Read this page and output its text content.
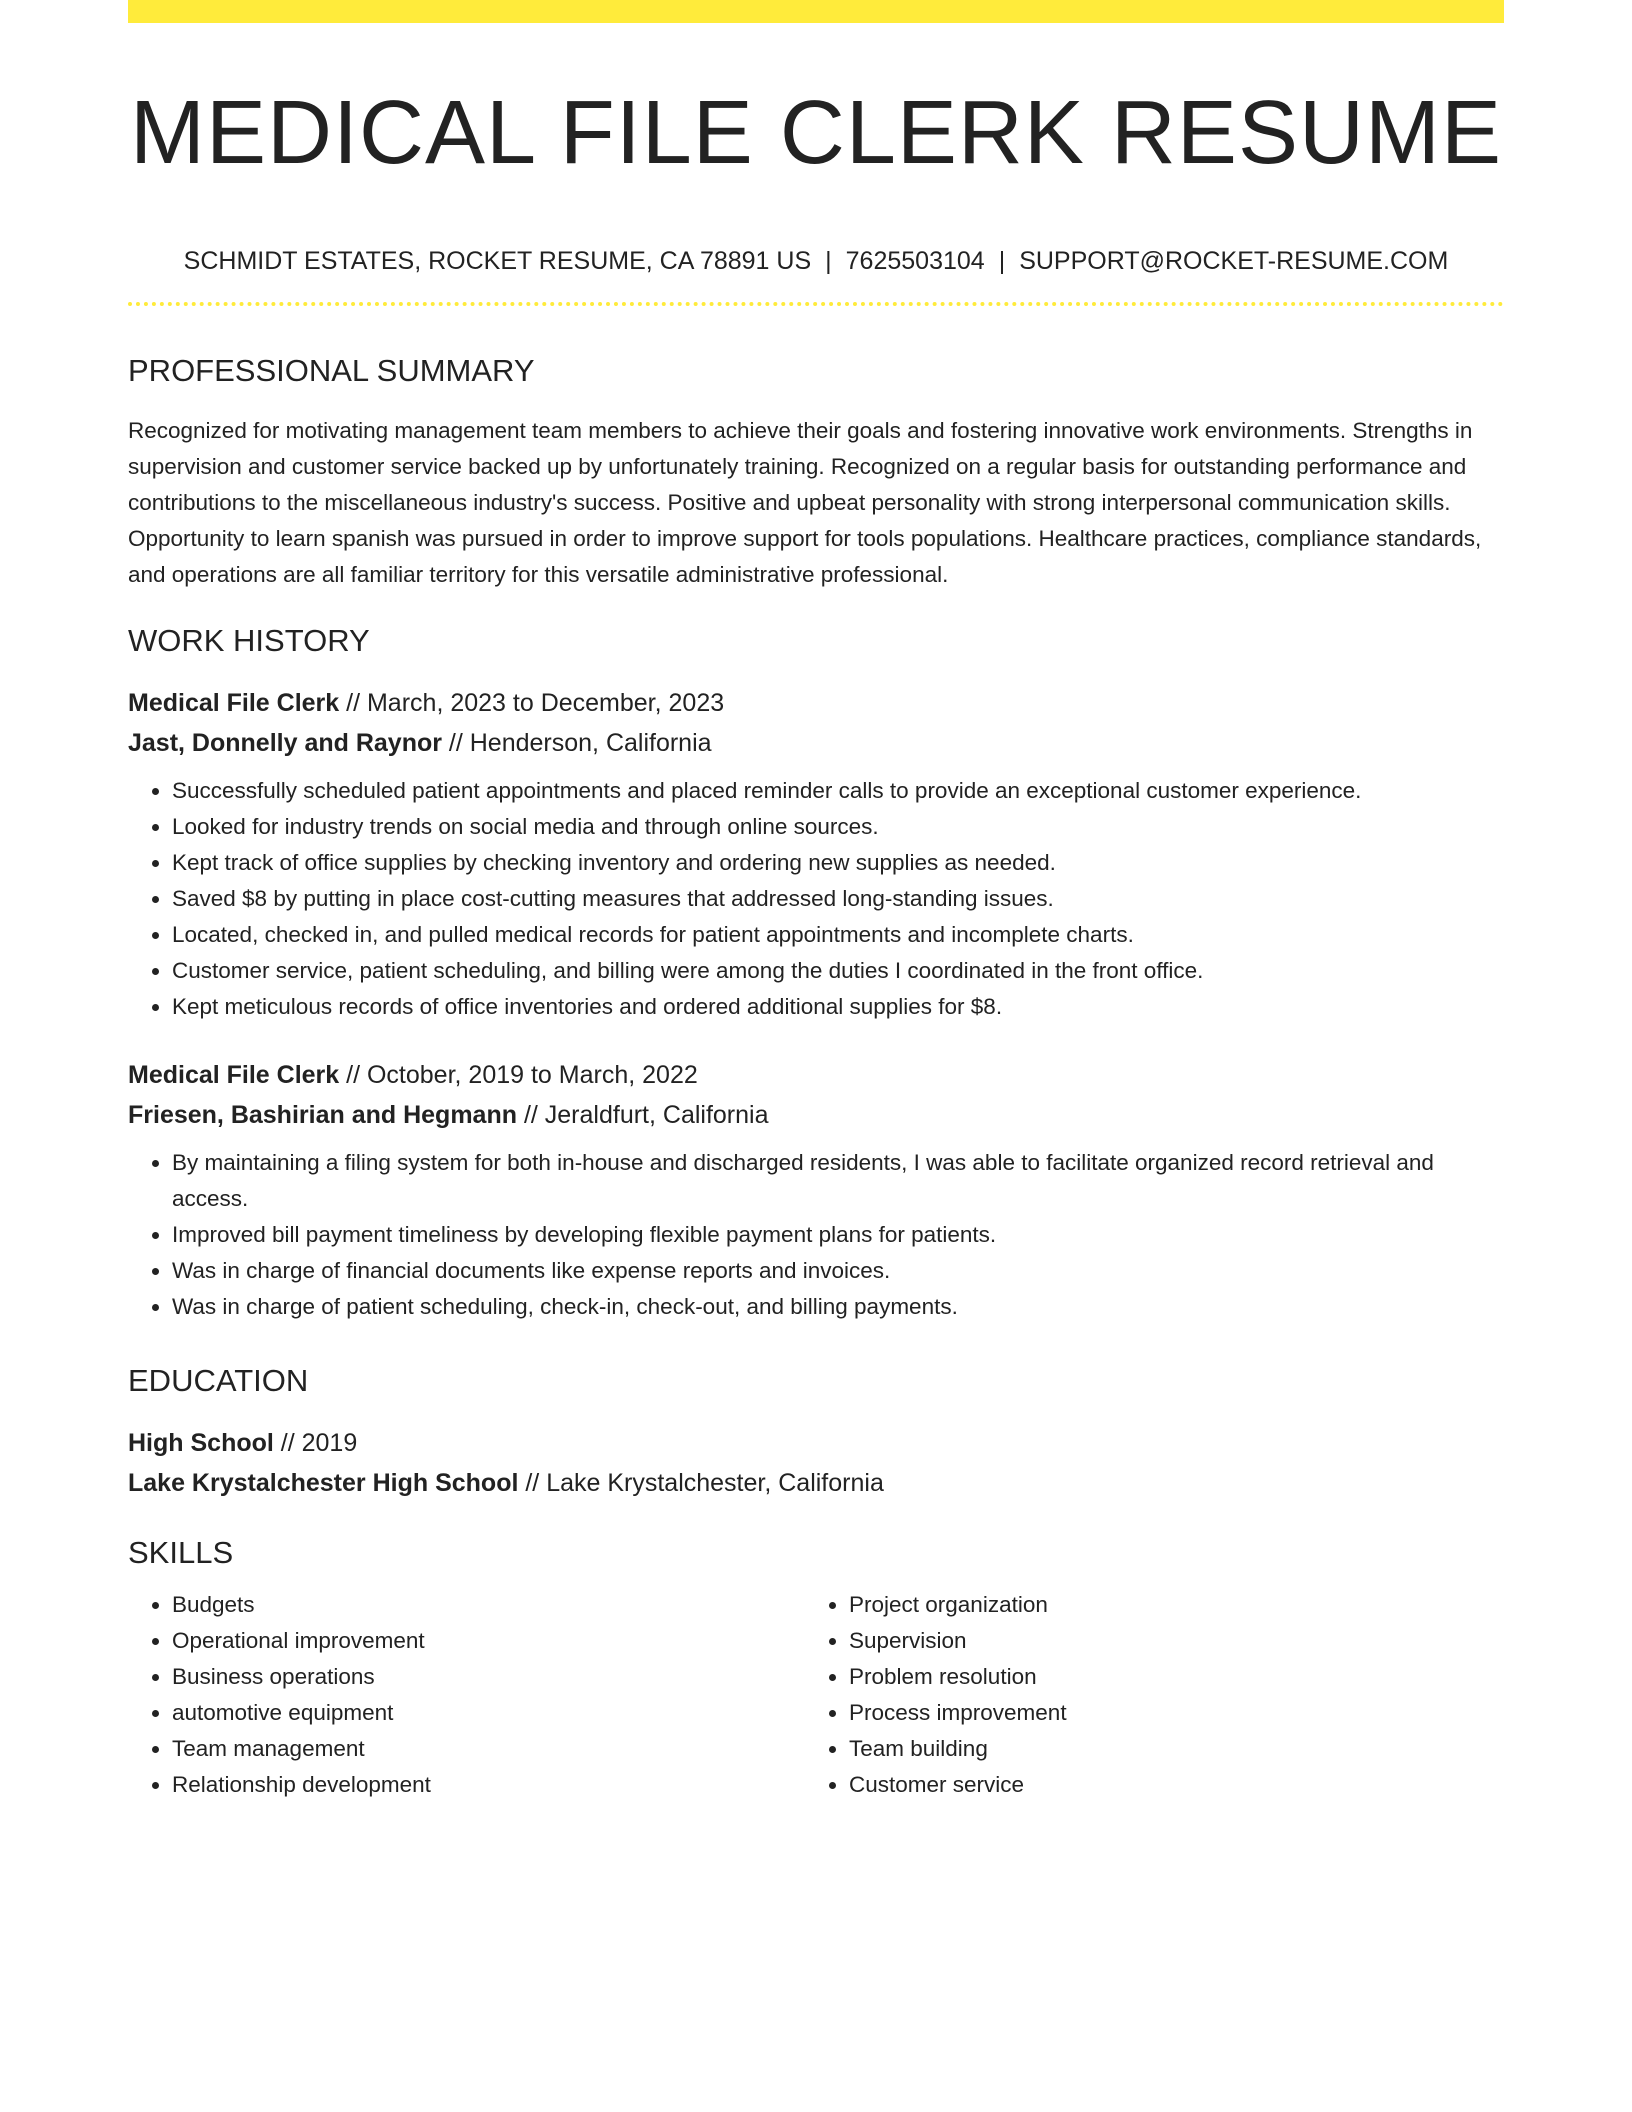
MEDICAL FILE CLERK RESUME
SCHMIDT ESTATES, ROCKET RESUME, CA 78891 US | 7625503104 | SUPPORT@ROCKET-RESUME.COM
PROFESSIONAL SUMMARY
Recognized for motivating management team members to achieve their goals and fostering innovative work environments. Strengths in supervision and customer service backed up by unfortunately training. Recognized on a regular basis for outstanding performance and contributions to the miscellaneous industry's success. Positive and upbeat personality with strong interpersonal communication skills. Opportunity to learn spanish was pursued in order to improve support for tools populations. Healthcare practices, compliance standards, and operations are all familiar territory for this versatile administrative professional.
WORK HISTORY
Medical File Clerk // March, 2023 to December, 2023
Jast, Donnelly and Raynor // Henderson, California
• Successfully scheduled patient appointments and placed reminder calls to provide an exceptional customer experience.
• Looked for industry trends on social media and through online sources.
• Kept track of office supplies by checking inventory and ordering new supplies as needed.
• Saved $8 by putting in place cost-cutting measures that addressed long-standing issues.
• Located, checked in, and pulled medical records for patient appointments and incomplete charts.
• Customer service, patient scheduling, and billing were among the duties I coordinated in the front office.
• Kept meticulous records of office inventories and ordered additional supplies for $8.
Medical File Clerk // October, 2019 to March, 2022
Friesen, Bashirian and Hegmann // Jeraldfurt, California
• By maintaining a filing system for both in-house and discharged residents, I was able to facilitate organized record retrieval and access.
• Improved bill payment timeliness by developing flexible payment plans for patients.
• Was in charge of financial documents like expense reports and invoices.
• Was in charge of patient scheduling, check-in, check-out, and billing payments.
EDUCATION
High School // 2019
Lake Krystalchester High School // Lake Krystalchester, California
SKILLS
• Budgets
• Operational improvement
• Business operations
• automotive equipment
• Team management
• Relationship development
• Project organization
• Supervision
• Problem resolution
• Process improvement
• Team building
• Customer service
